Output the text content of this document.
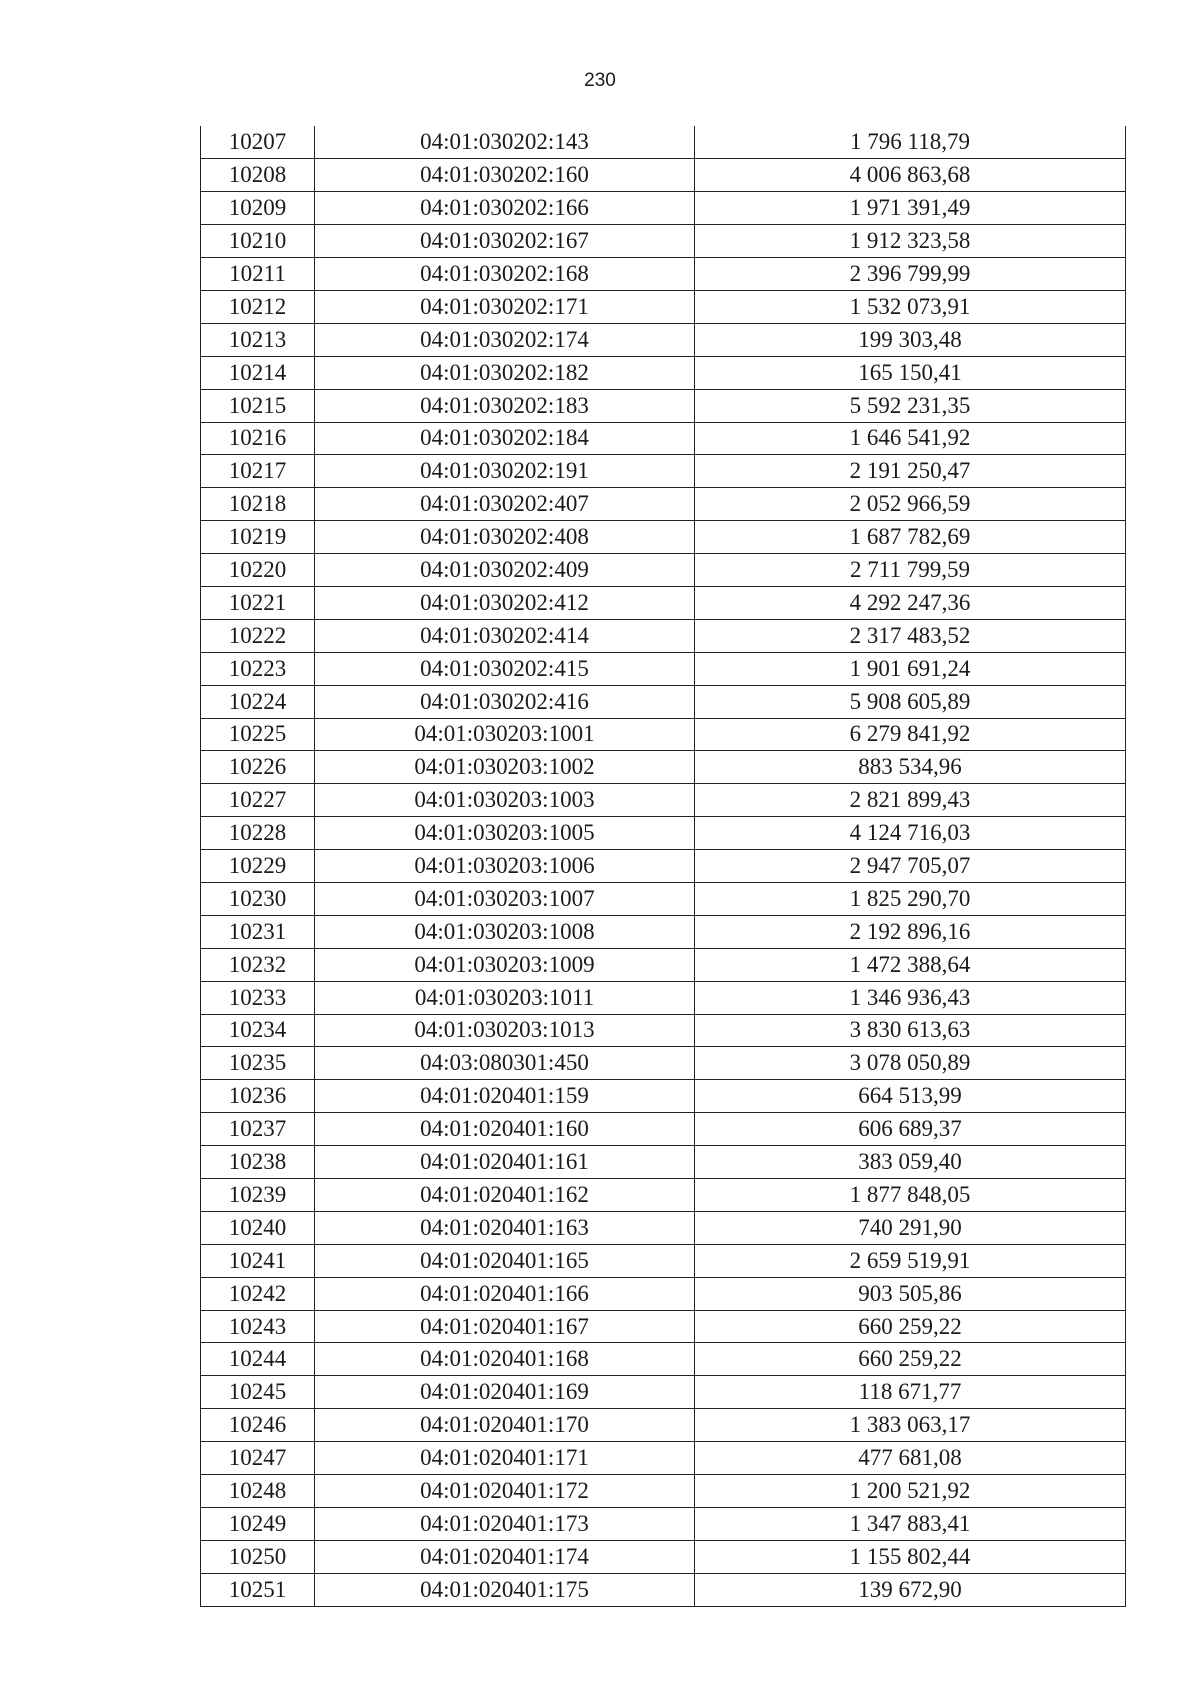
230
10207	04:01:030202:143	1 796 118,79
10208	04:01:030202:160	4 006 863,68
10209	04:01:030202:166	1 971 391,49
10210	04:01:030202:167	1 912 323,58
10211	04:01:030202:168	2 396 799,99
10212	04:01:030202:171	1 532 073,91
10213	04:01:030202:174	199 303,48
10214	04:01:030202:182	165 150,41
10215	04:01:030202:183	5 592 231,35
10216	04:01:030202:184	1 646 541,92
10217	04:01:030202:191	2 191 250,47
10218	04:01:030202:407	2 052 966,59
10219	04:01:030202:408	1 687 782,69
10220	04:01:030202:409	2 711 799,59
10221	04:01:030202:412	4 292 247,36
10222	04:01:030202:414	2 317 483,52
10223	04:01:030202:415	1 901 691,24
10224	04:01:030202:416	5 908 605,89
10225	04:01:030203:1001	6 279 841,92
10226	04:01:030203:1002	883 534,96
10227	04:01:030203:1003	2 821 899,43
10228	04:01:030203:1005	4 124 716,03
10229	04:01:030203:1006	2 947 705,07
10230	04:01:030203:1007	1 825 290,70
10231	04:01:030203:1008	2 192 896,16
10232	04:01:030203:1009	1 472 388,64
10233	04:01:030203:1011	1 346 936,43
10234	04:01:030203:1013	3 830 613,63
10235	04:03:080301:450	3 078 050,89
10236	04:01:020401:159	664 513,99
10237	04:01:020401:160	606 689,37
10238	04:01:020401:161	383 059,40
10239	04:01:020401:162	1 877 848,05
10240	04:01:020401:163	740 291,90
10241	04:01:020401:165	2 659 519,91
10242	04:01:020401:166	903 505,86
10243	04:01:020401:167	660 259,22
10244	04:01:020401:168	660 259,22
10245	04:01:020401:169	118 671,77
10246	04:01:020401:170	1 383 063,17
10247	04:01:020401:171	477 681,08
10248	04:01:020401:172	1 200 521,92
10249	04:01:020401:173	1 347 883,41
10250	04:01:020401:174	1 155 802,44
10251	04:01:020401:175	139 672,90
